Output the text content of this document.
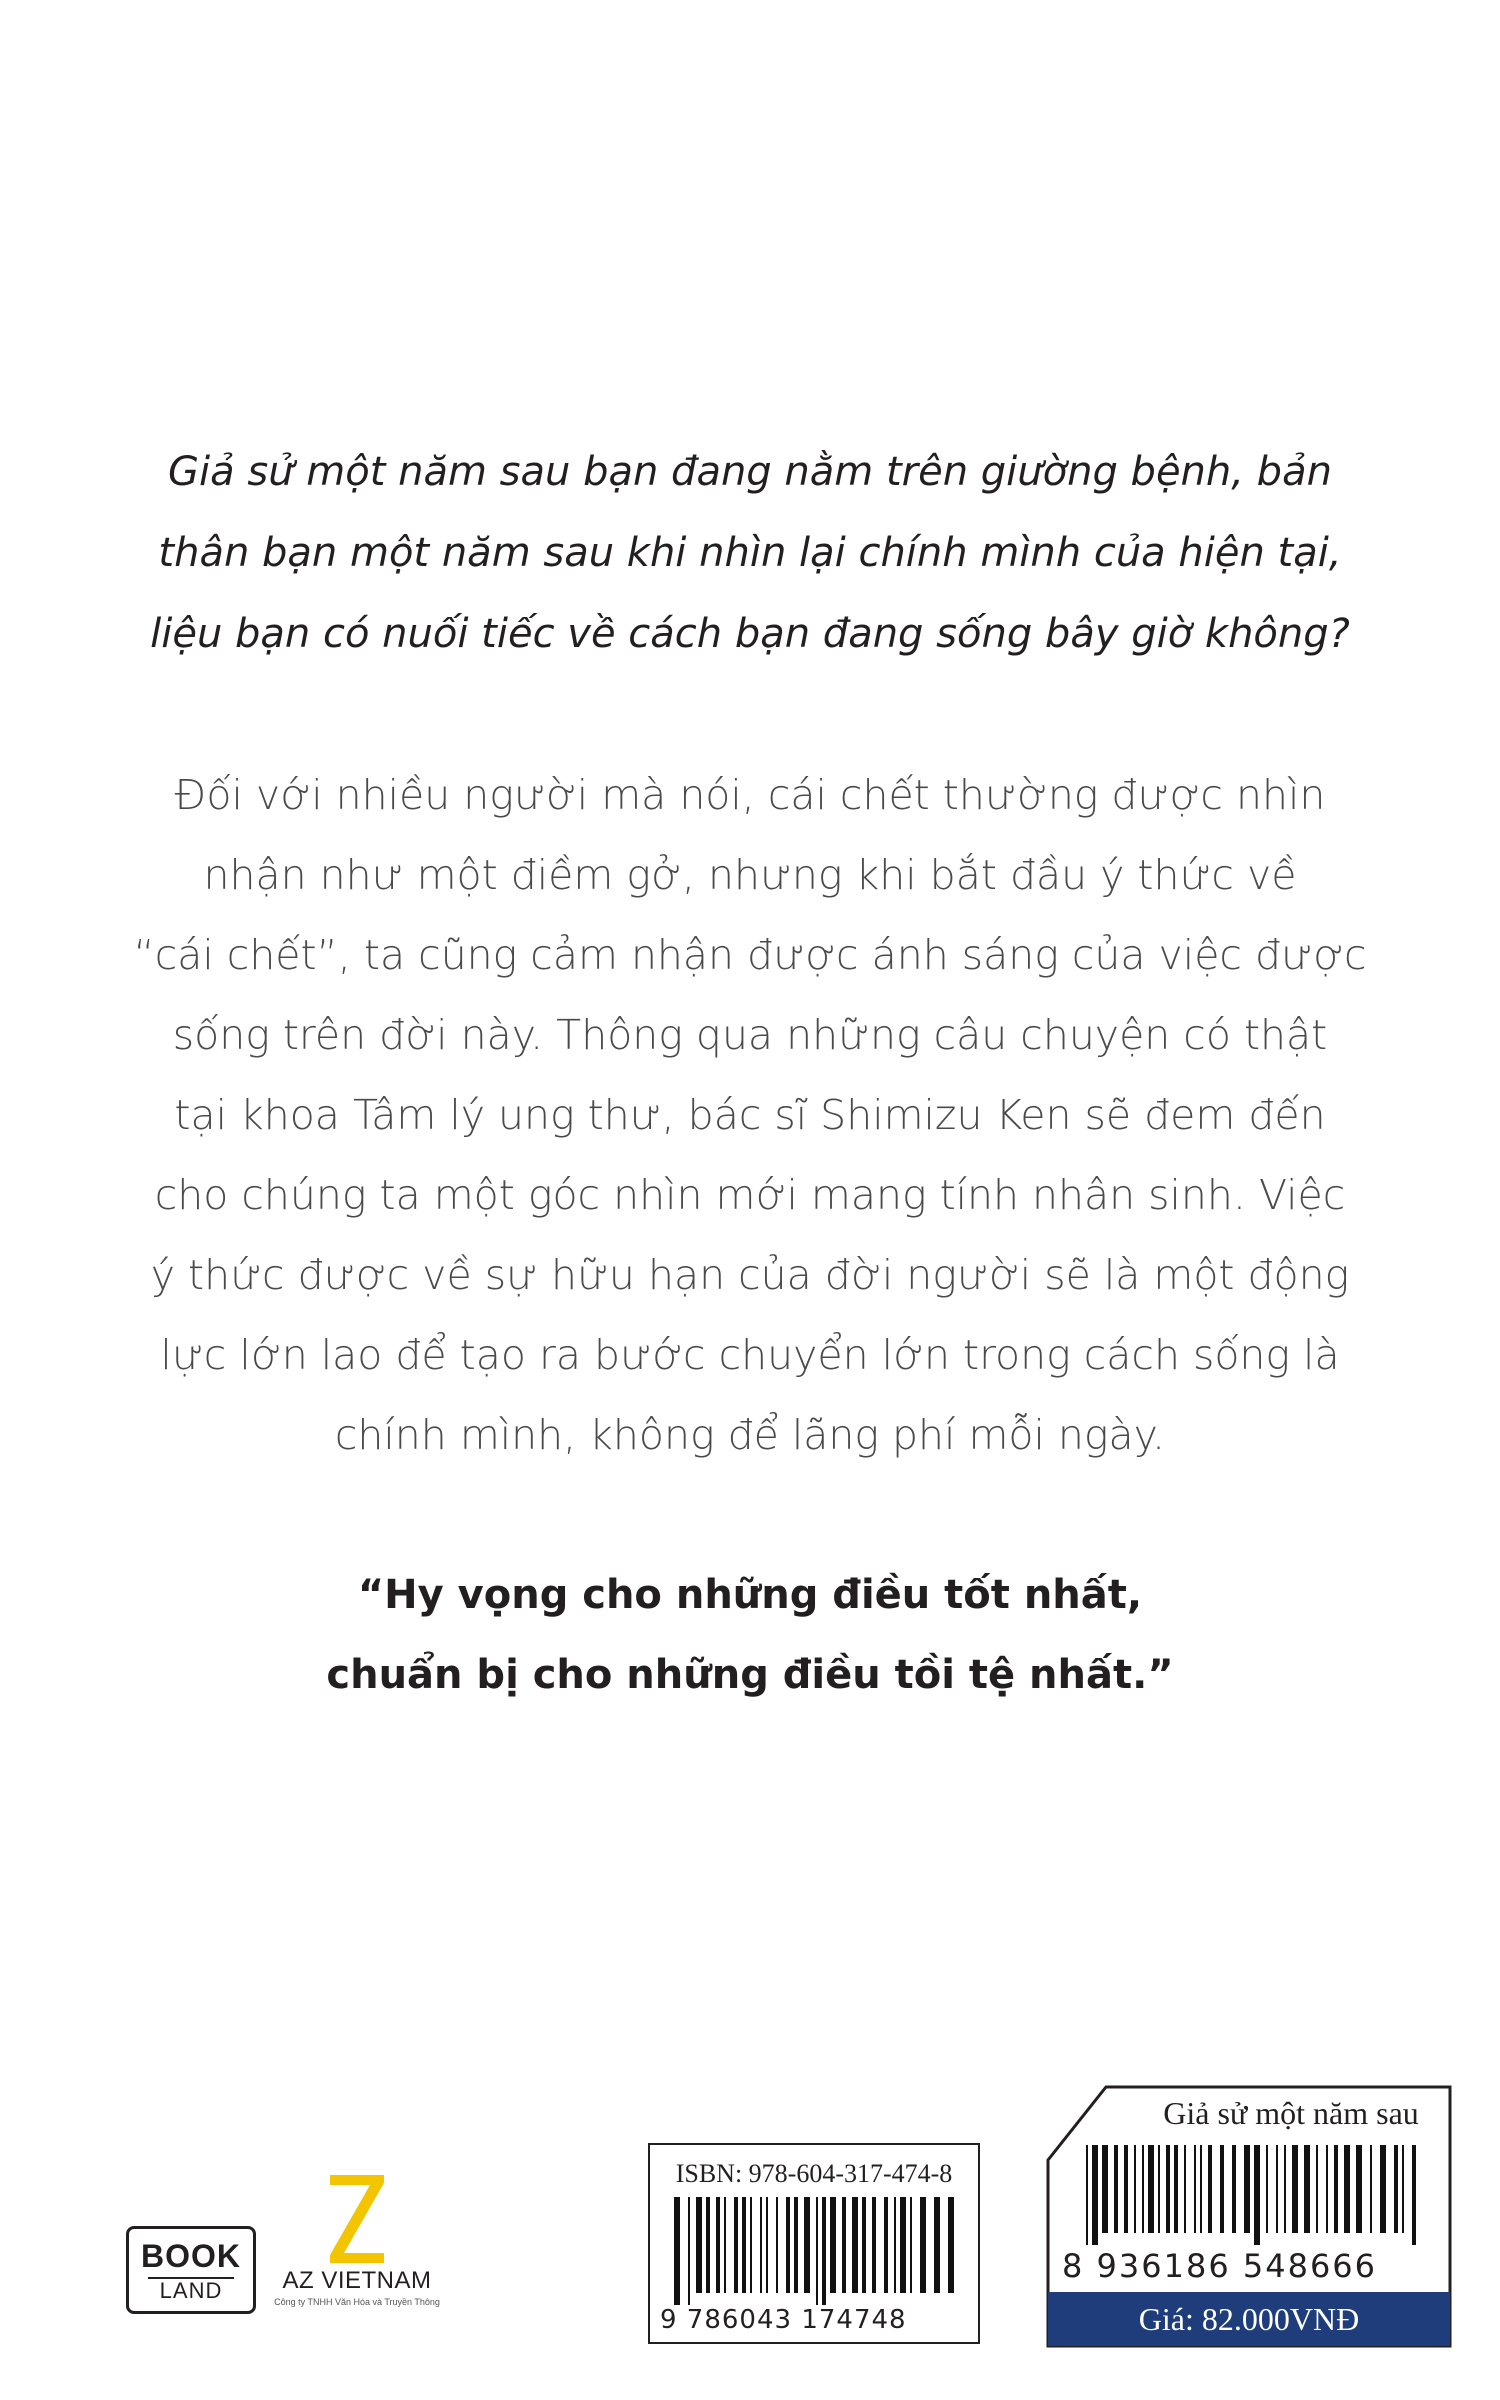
Giả sử một năm sau bạn đang nằm trên giường bệnh, bản
thân bạn một năm sau khi nhìn lại chính mình của hiện tại,
liệu bạn có nuối tiếc về cách bạn đang sống bây giờ không?
Đối với nhiều người mà nói, cái chết thường được nhìn
nhận như một điềm gở, nhưng khi bắt đầu ý thức về
“cái chết”, ta cũng cảm nhận được ánh sáng của việc được
sống trên đời này. Thông qua những câu chuyện có thật
tại khoa Tâm lý ung thư, bác sĩ Shimizu Ken sẽ đem đến
cho chúng ta một góc nhìn mới mang tính nhân sinh. Việc
ý thức được về sự hữu hạn của đời người sẽ là một động
lực lớn lao để tạo ra bước chuyển lớn trong cách sống là
chính mình, không để lãng phí mỗi ngày.
“Hy vọng cho những điều tốt nhất,
chuẩn bị cho những điều tồi tệ nhất.”
BOOK
LAND	AZ VIETNAM
Công ty TNHH Văn Hóa và Truyền Thông
ISBN: 978-604-317-474-8
9 786043 174748
Giả sử một năm sau
8 936186 548666
Giá: 82.000VNĐ
